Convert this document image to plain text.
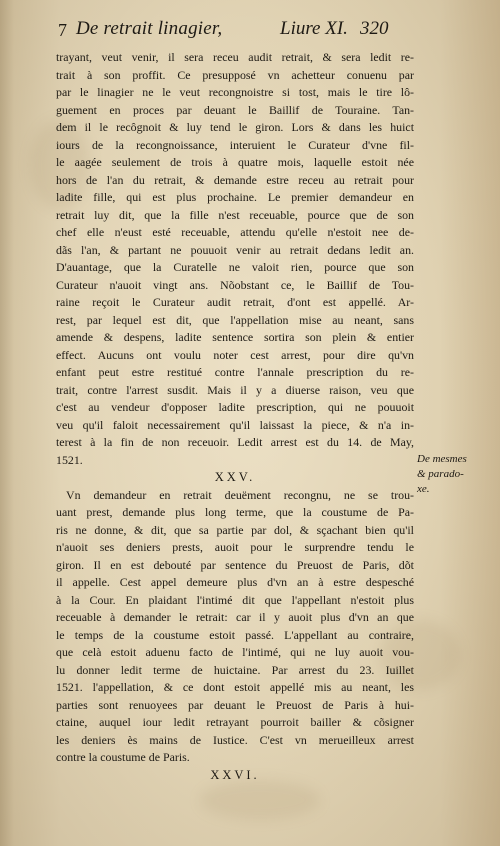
7 De retrait linagier,	Liure XI. 320
trayant, veut venir, il sera receu audit retrait, & sera ledit re-
trait à son proffit. Ce presupposé vn achetteur conuenu par
par le linagier ne le veut recongnoistre si tost, mais le tire lô-
guement en proces par deuant le Baillif de Touraine. Tan-
dem il le recôgnoit & luy tend le giron. Lors & dans les huict
iours de la recongnoissance, interuient le Curateur d'vne fil-
le aagée seulement de trois à quatre mois, laquelle estoit née
hors de l'an du retrait, & demande estre receu au retrait pour
ladite fille, qui est plus prochaine. Le premier demandeur en
retrait luy dit, que la fille n'est receuable, pource que de son
chef elle n'eust esté receuable, attendu qu'elle n'estoit nee de-
dãs l'an, & partant ne pouuoit venir au retrait dedans ledit an.
D'auantage, que la Curatelle ne valoit rien, pource que son
Curateur n'auoit vingt ans. Nõobstant ce, le Baillif de Tou-
raine reçoit le Curateur audit retrait, d'ont est appellé. Ar-
rest, par lequel est dit, que l'appellation mise au neant, sans
amende & despens, ladite sentence sortira son plein & entier
effect. Aucuns ont voulu noter cest arrest, pour dire qu'vn
enfant peut estre restitué contre l'annale prescription du re-
trait, contre l'arrest susdit. Mais il y a diuerse raison, veu que
c'est au vendeur d'opposer ladite prescription, qui ne pouuoit
veu qu'il faloit necessairement qu'il laissast la piece, & n'a in-
terest à la fin de non receuoir. Ledit arrest est du 14. de May,
1521.
XXV.
Vn demandeur en retrait deuëment recongnu, ne se trou-
uant prest, demande plus long terme, que la coustume de Pa-
ris ne donne, & dit, que sa partie par dol, & sçachant bien qu'il
n'auoit ses deniers prests, auoit pour le surprendre tendu le
giron. Il en est debouté par sentence du Preuost de Paris, dõt
il appelle. Cest appel demeure plus d'vn an à estre despesché
à la Cour. En plaidant l'intimé dit que l'appellant n'estoit plus
receuable à demander le retrait: car il y auoit plus d'vn an que
le temps de la coustume estoit passé. L'appellant au contraire,
que celà estoit aduenu facto de l'intimé, qui ne luy auoit vou-
lu donner ledit terme de huictaine. Par arrest du 23. Iuillet
1521. l'appellation, & ce dont estoit appellé mis au neant, les
parties sont renuoyees par deuant le Preuost de Paris à hui-
ctaine, auquel iour ledit retrayant pourroit bailler & cõsigner
les deniers ès mains de Iustice. C'est vn merueilleux arrest
contre la coustume de Paris.
XXVI.
De mesmes
& parado-
xe.
